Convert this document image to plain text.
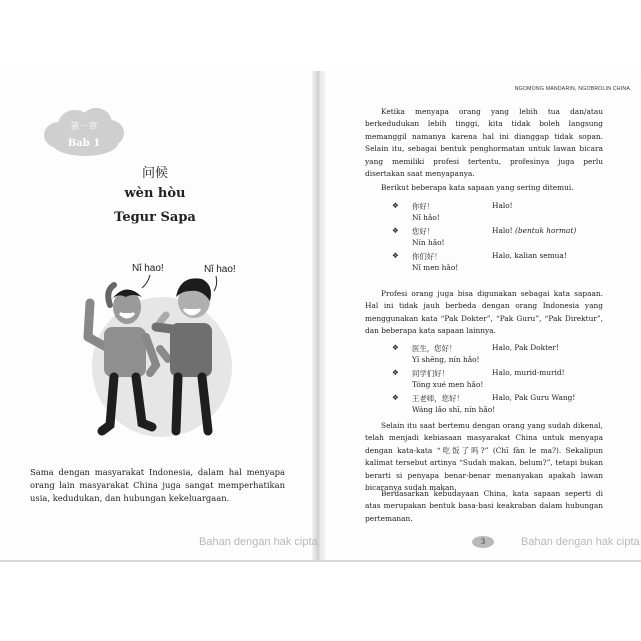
第一章
Bab 1
问候
wèn hòu
Tegur Sapa
Nǐ hao!	Nǐ hao!
Sama dengan masyarakat Indonesia, dalam hal menyapa orang lain masyarakat China juga sangat memperhatikan usia, kedudukan, dan hubungan kekeluargaan.
Bahan dengan hak cipta
NGOMONG MANDARIN, NGOBROLIN CHINA
Ketika menyapa orang yang lebih tua dan/atau berkedudukan lebih tinggi, kita tidak boleh langsung memanggil namanya karena hal ini dianggap tidak sopan. Selain itu, sebagai bentuk penghormatan untuk lawan bicara yang memiliki profesi tertentu, profesinya juga perlu disertakan saat menyapanya.
Berikut beberapa kata sapaan yang sering ditemui.
❖ 你好！	Halo!
Nǐ hǎo!
❖ 您好！	Halo! (bentuk hormat)
Nín hǎo!
❖ 你们好！	Halo, kalian semua!
Nǐ men hǎo!
Profesi orang juga bisa digunakan sebagai kata sapaan. Hal ini tidak jauh berbeda dengan orang Indonesia yang menggunakan kata “Pak Dokter”, “Pak Guru”, “Pak Direktur”, dan beberapa kata sapaan lainnya.
❖ 医生，您好！	Halo, Pak Dokter!
Yī shēng, nín hǎo!
❖ 同学们好！	Halo, murid-murid!
Tóng xué men hǎo!
❖ 王老师，您好！	Halo, Pak Guru Wang!
Wáng lǎo shī, nín hǎo!
Selain itu saat bertemu dengan orang yang sudah dikenal, telah menjadi kebiasaan masyarakat China untuk menyapa dengan kata-kata “吃饭了吗?” (Chī fàn le ma?). Sekalipun kalimat tersebut artinya “Sudah makan, belum?”, tetapi bukan berarti si penyapa benar-benar menanyakan apakah lawan bicaranya sudah makan.
Berdasarkan kebudayaan China, kata sapaan seperti di atas merupakan bentuk basa-basi keakraban dalam hubungan pertemanan.
3	Bahan dengan hak cipta
